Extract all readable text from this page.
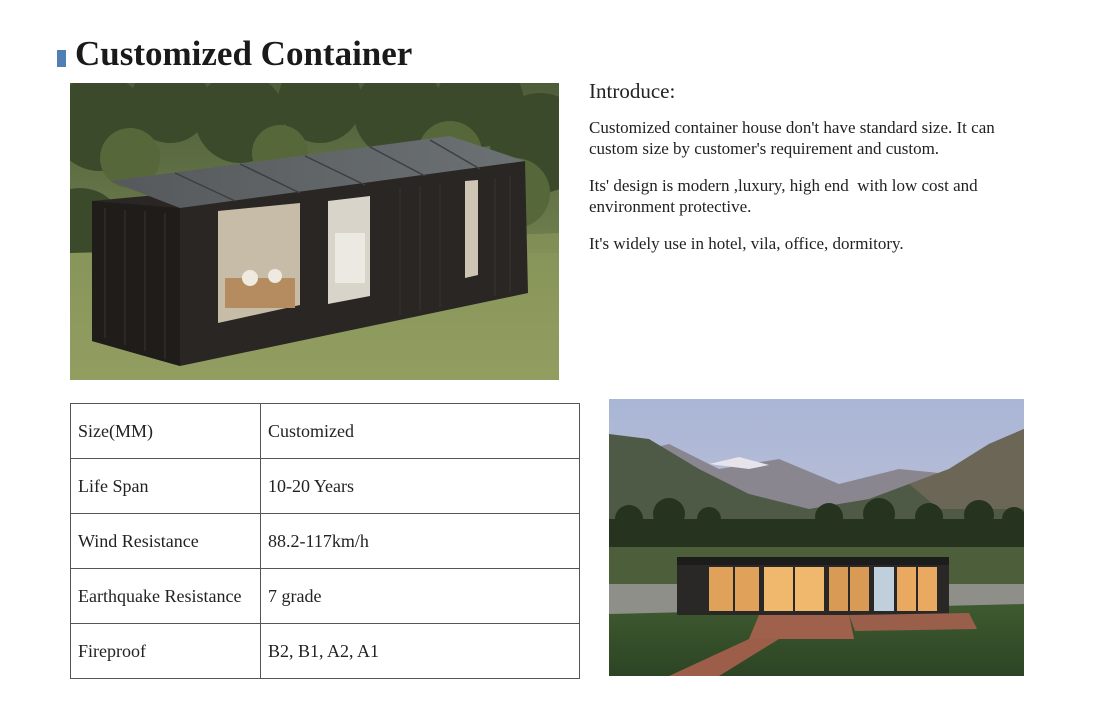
Customized Container

Introduce:

Customized container house don't have standard size. It can custom size by customer's requirement and custom.

Its' design is modern ,luxury, high end  with low cost and environment protective.

It's widely use in hotel, vila, office, dormitory.

Size(MM)	Customized
Life Span	10-20 Years
Wind Resistance	88.2-117km/h
Earthquake Resistance	7 grade
Fireproof	B2, B1, A2, A1
